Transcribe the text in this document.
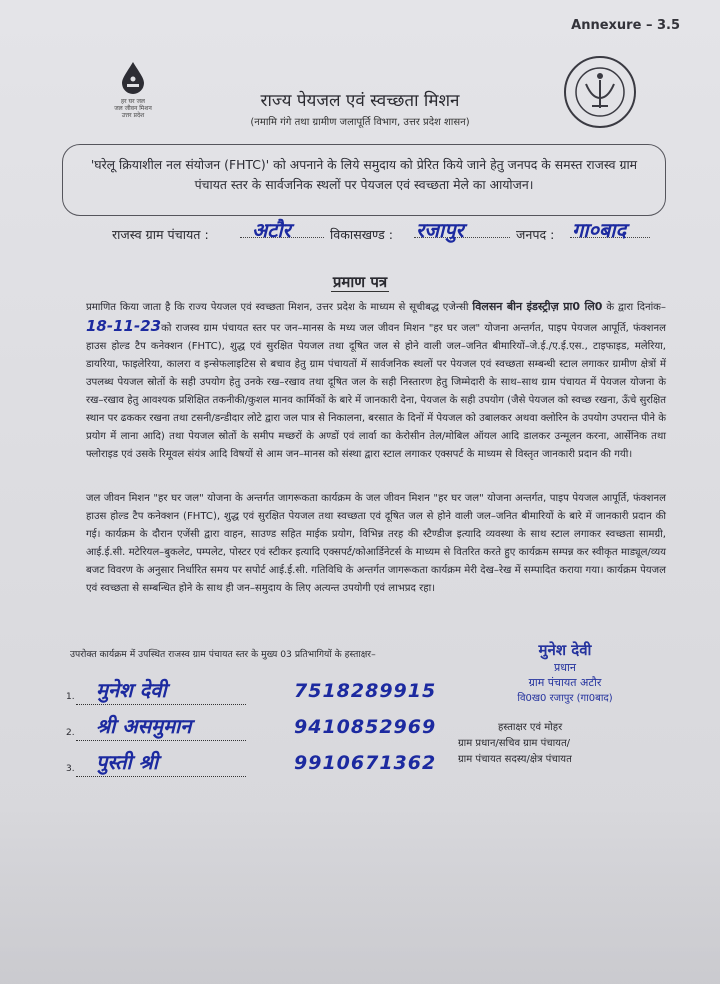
Annexure – 3.5
हर घर जल
जल जीवन मिशन
उत्तर प्रदेश
राज्य पेयजल एवं स्वच्छता मिशन
(नमामि गंगे तथा ग्रामीण जलापूर्ति विभाग, उत्तर प्रदेश शासन)
'घरेलू क्रियाशील नल संयोजन (FHTC)' को अपनाने के लिये समुदाय को प्रेरित किये जाने हेतु जनपद के समस्त राजस्व ग्राम पंचायत स्तर के सार्वजनिक स्थलों पर पेयजल एवं स्वच्छता मेले का आयोजन।
राजस्व ग्राम पंचायत : अटौर	विकासखण्ड : रजापुर	जनपद : गा०बाद
प्रमाण पत्र
प्रमाणित किया जाता है कि राज्य पेयजल एवं स्वच्छता मिशन, उत्तर प्रदेश के माध्यम से सूचीबद्ध एजेन्सी विलसन बीन इंडस्ट्रीज़ प्रा0 लि0 के द्वारा दिनांक–18-11-23को राजस्व ग्राम पंचायत स्तर पर जन–मानस के मध्य जल जीवन मिशन "हर घर जल" योजना अन्तर्गत, पाइप पेयजल आपूर्ति, फंक्शनल हाउस होल्ड टैप कनेक्शन (FHTC), शुद्ध एवं सुरक्षित पेयजल तथा दूषित जल से होने वाली जल–जनित बीमारियों–जे.ई./ए.ई.एस., टाइफाइड, मलेरिया, डायरिया, फाइलेरिया, कालरा व इन्सेफलाइटिस से बचाव हेतु ग्राम पंचायतों में सार्वजनिक स्थलों पर पेयजल एवं स्वच्छता सम्बन्धी स्टाल लगाकर ग्रामीण क्षेत्रों में उपलब्ध पेयजल स्रोतों के सही उपयोग हेतु उनके रख–रखाव तथा दूषित जल के सही निस्तारण हेतु जिम्मेदारी के साथ–साथ ग्राम पंचायत में पेयजल योजना के रख–रखाव हेतु आवश्यक प्रशिक्षित तकनीकी/कुशल मानव कार्मिकों के बारे में जानकारी देना, पेयजल के सही उपयोग (जैसे पेयजल को स्वच्छ रखना, ऊँचे सुरक्षित स्थान पर ढककर रखना तथा टसनी/डन्डीदार लोटे द्वारा जल पात्र से निकालना, बरसात के दिनों में पेयजल को उबालकर अथवा क्लोरिन के उपयोग उपरान्त पीने के प्रयोग में लाना आदि) तथा पेयजल स्रोतों के समीप मच्छरों के अण्डों एवं लार्वा का केरोसीन तेल/मोबिल ऑयल आदि डालकर उन्मूलन करना, आर्सेनिक तथा फ्लोराइड एवं उसके रिमूवल संयंत्र आदि विषयों से आम जन–मानस को संस्था द्वारा स्टाल लगाकर एक्सपर्ट के माध्यम से विस्तृत जानकारी प्रदान की गयी।
जल जीवन मिशन "हर घर जल" योजना के अन्तर्गत जागरूकता कार्यक्रम के जल जीवन मिशन "हर घर जल" योजना अन्तर्गत, पाइप पेयजल आपूर्ति, फंक्शनल हाउस होल्ड टैप कनेक्शन (FHTC), शुद्ध एवं सुरक्षित पेयजल तथा स्वच्छता एवं दूषित जल से होने वाली जल–जनित बीमारियों के बारे में जानकारी प्रदान की गई। कार्यक्रम के दौरान एजेंसी द्वारा वाहन, साउण्ड सहित माईक प्रयोग, विभिन्न तरह की स्टैण्डीज इत्यादि व्यवस्था के साथ स्टाल लगाकर स्वच्छता सामग्री, आई.ई.सी. मटेरियल–बुकलेट, पम्पलेट, पोस्टर एवं स्टीकर इत्यादि एक्सपर्ट/कोआर्डिनेटर्स के माध्यम से वितरित करते हुए कार्यक्रम सम्पन्न कर स्वीकृत माड्यूल/व्यय बजट विवरण के अनुसार निर्धारित समय पर सपोर्ट आई.ई.सी. गतिविधि के अन्तर्गत जागरूकता कार्यक्रम मेरी देख–रेख में सम्पादित कराया गया। कार्यक्रम पेयजल एवं स्वच्छता से सम्बन्धित होने के साथ ही जन–समुदाय के लिए अत्यन्त उपयोगी एवं लाभप्रद रहा।
उपरोक्त कार्यक्रम में उपस्थित राजस्व ग्राम पंचायत स्तर के मुख्य 03 प्रतिभागियों के हस्ताक्षर–
1. मुनेश देवी	7518289915
2. श्री असमुमान	9410852969
3. पुस्ती श्री	9910671362
मुनेश देवी
प्रधान
ग्राम पंचायत अटौर
वि0ख0 रजापुर (गा0बाद)
हस्ताक्षर एवं मोहर
ग्राम प्रधान/सचिव ग्राम पंचायत/
ग्राम पंचायत सदस्य/क्षेत्र पंचायत
